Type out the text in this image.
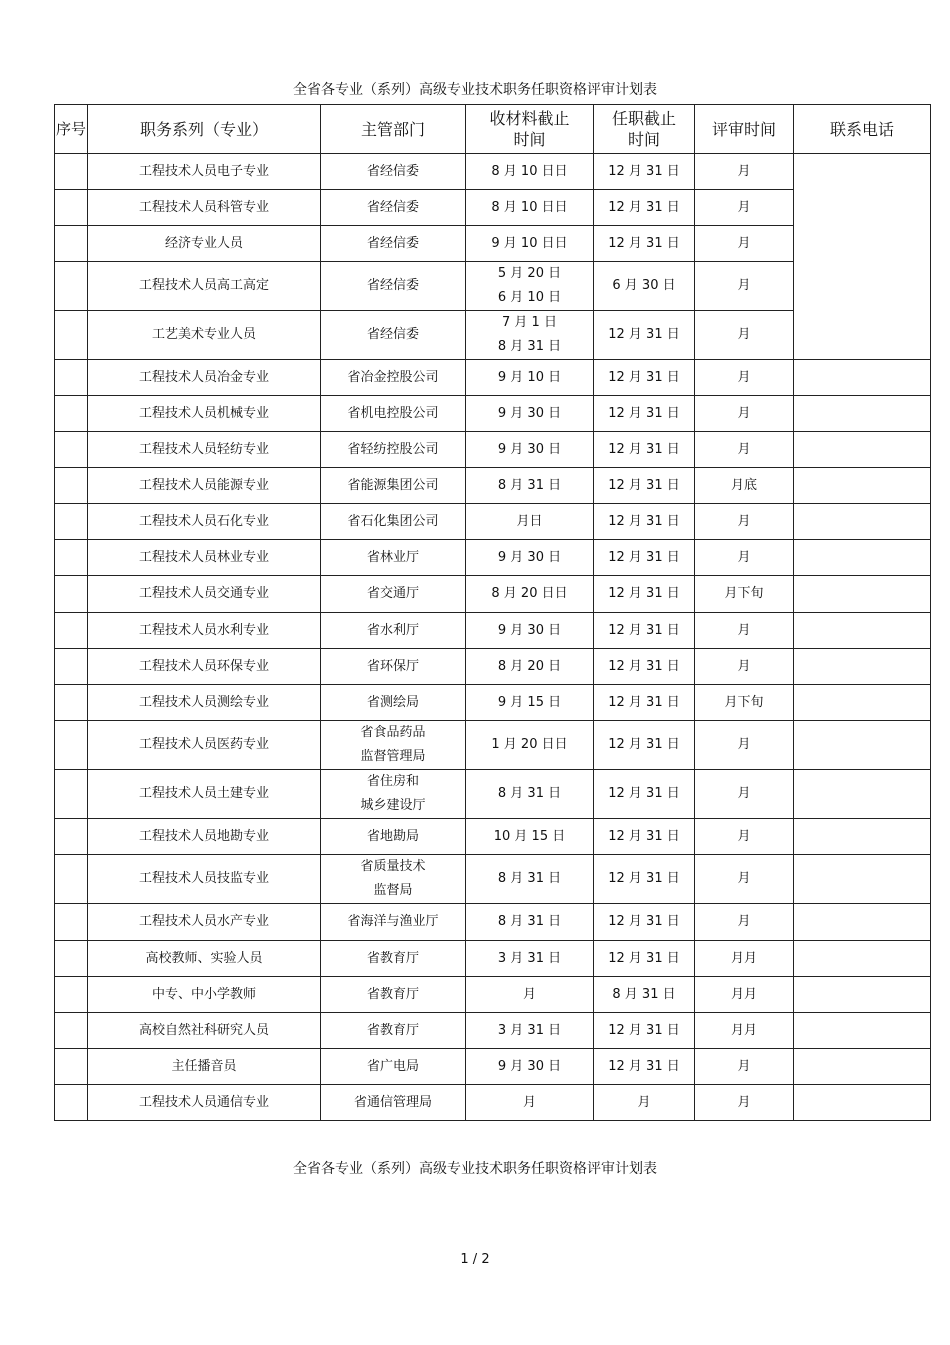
全省各专业（系列）高级专业技术职务任职资格评审计划表
序号	职务系列（专业）	主管部门	收材料截止
时间	任职截止
时间	评审时间	联系电话
	工程技术人员电子专业	省经信委	8 月 10 日日	12 月 31 日	月	
	工程技术人员科管专业	省经信委	8 月 10 日日	12 月 31 日	月	
	经济专业人员	省经信委	9 月 10 日日	12 月 31 日	月	
	工程技术人员高工高定	省经信委	5 月 20 日
6 月 10 日	6 月 30 日	月	
	工艺美术专业人员	省经信委	7 月 1 日
8 月 31 日	12 月 31 日	月	
	工程技术人员冶金专业	省冶金控股公司	9 月 10 日	12 月 31 日	月	
	工程技术人员机械专业	省机电控股公司	9 月 30 日	12 月 31 日	月	
	工程技术人员轻纺专业	省轻纺控股公司	9 月 30 日	12 月 31 日	月	
	工程技术人员能源专业	省能源集团公司	8 月 31 日	12 月 31 日	月底	
	工程技术人员石化专业	省石化集团公司	月日	12 月 31 日	月	
	工程技术人员林业专业	省林业厅	9 月 30 日	12 月 31 日	月	
	工程技术人员交通专业	省交通厅	8 月 20 日日	12 月 31 日	月下旬	
	工程技术人员水利专业	省水利厅	9 月 30 日	12 月 31 日	月	
	工程技术人员环保专业	省环保厅	8 月 20 日	12 月 31 日	月	
	工程技术人员测绘专业	省测绘局	9 月 15 日	12 月 31 日	月下旬	
	工程技术人员医药专业	省食品药品
监督管理局	1 月 20 日日	12 月 31 日	月	
	工程技术人员土建专业	省住房和
城乡建设厅	8 月 31 日	12 月 31 日	月	
	工程技术人员地勘专业	省地勘局	10 月 15 日	12 月 31 日	月	
	工程技术人员技监专业	省质量技术
监督局	8 月 31 日	12 月 31 日	月	
	工程技术人员水产专业	省海洋与渔业厅	8 月 31 日	12 月 31 日	月	
	高校教师、实验人员	省教育厅	3 月 31 日	12 月 31 日	月月	
	中专、中小学教师	省教育厅	月	8 月 31 日	月月	
	高校自然社科研究人员	省教育厅	3 月 31 日	12 月 31 日	月月	
	主任播音员	省广电局	9 月 30 日	12 月 31 日	月	
	工程技术人员通信专业	省通信管理局	月	月	月	
全省各专业（系列）高级专业技术职务任职资格评审计划表
1 / 2
